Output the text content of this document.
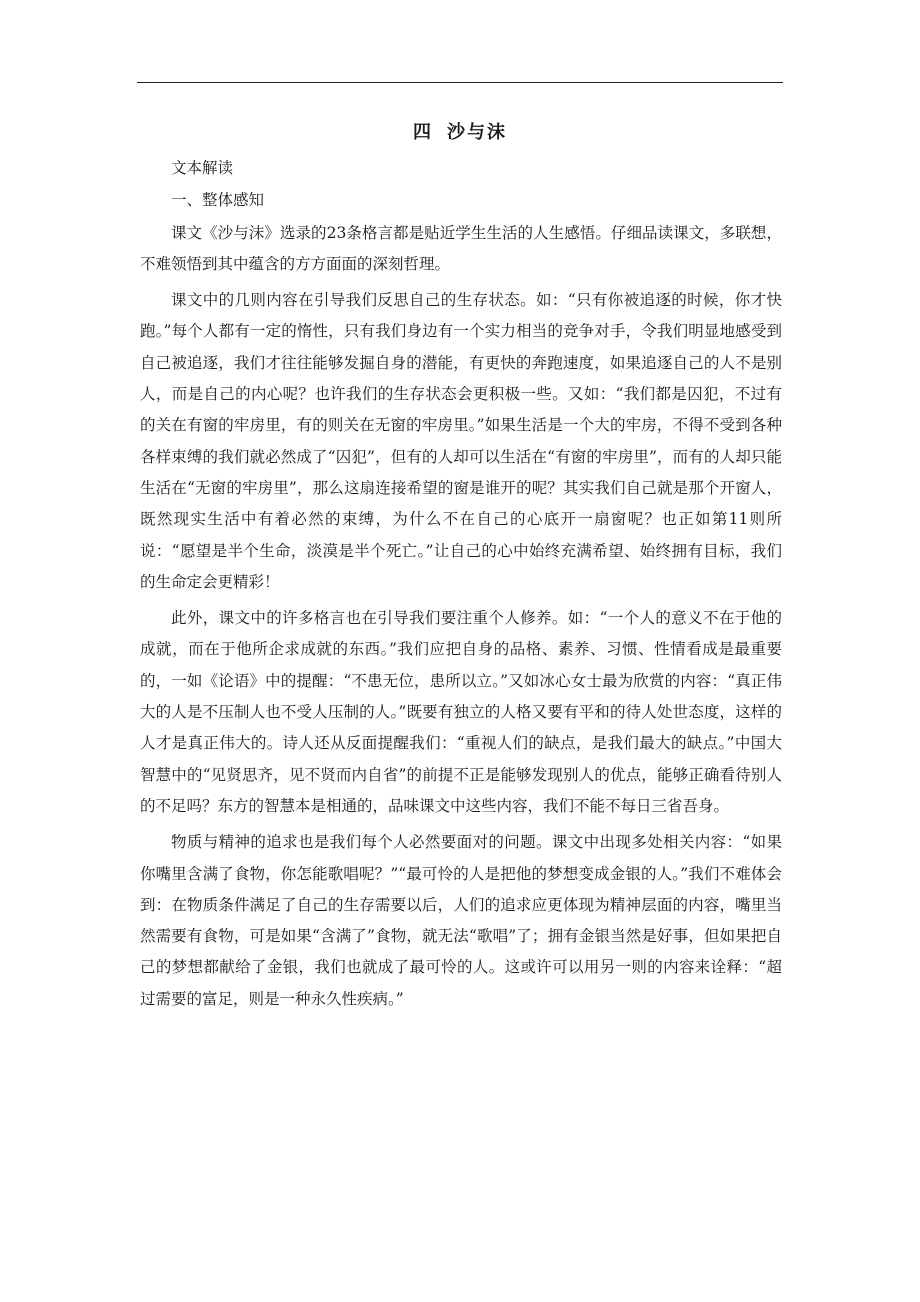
四 沙与沫

文本解读

一、整体感知

课文《沙与沫》选录的23条格言都是贴近学生生活的人生感悟。仔细品读课文，多联想，不难领悟到其中蕴含的方方面面的深刻哲理。

课文中的几则内容在引导我们反思自己的生存状态。如：“只有你被追逐的时候，你才快跑。”每个人都有一定的惰性，只有我们身边有一个实力相当的竞争对手，令我们明显地感受到自己被追逐，我们才往往能够发掘自身的潜能，有更快的奔跑速度，如果追逐自己的人不是别人，而是自己的内心呢？也许我们的生存状态会更积极一些。又如：“我们都是囚犯，不过有的关在有窗的牢房里，有的则关在无窗的牢房里。”如果生活是一个大的牢房，不得不受到各种各样束缚的我们就必然成了“囚犯”，但有的人却可以生活在“有窗的牢房里”，而有的人却只能生活在“无窗的牢房里”，那么这扇连接希望的窗是谁开的呢？其实我们自己就是那个开窗人，既然现实生活中有着必然的束缚，为什么不在自己的心底开一扇窗呢？也正如第11则所说：“愿望是半个生命，淡漠是半个死亡。”让自己的心中始终充满希望、始终拥有目标，我们的生命定会更精彩！

此外，课文中的许多格言也在引导我们要注重个人修养。如：“一个人的意义不在于他的成就，而在于他所企求成就的东西。”我们应把自身的品格、素养、习惯、性情看成是最重要的，一如《论语》中的提醒：“不患无位，患所以立。”又如冰心女士最为欣赏的内容：“真正伟大的人是不压制人也不受人压制的人。”既要有独立的人格又要有平和的待人处世态度，这样的人才是真正伟大的。诗人还从反面提醒我们：“重视人们的缺点，是我们最大的缺点。”中国大智慧中的“见贤思齐，见不贤而内自省”的前提不正是能够发现别人的优点，能够正确看待别人的不足吗？东方的智慧本是相通的，品味课文中这些内容，我们不能不每日三省吾身。

物质与精神的追求也是我们每个人必然要面对的问题。课文中出现多处相关内容：“如果你嘴里含满了食物，你怎能歌唱呢？”“最可怜的人是把他的梦想变成金银的人。”我们不难体会到：在物质条件满足了自己的生存需要以后，人们的追求应更体现为精神层面的内容，嘴里当然需要有食物，可是如果“含满了”食物，就无法“歌唱”了；拥有金银当然是好事，但如果把自己的梦想都献给了金银，我们也就成了最可怜的人。这或许可以用另一则的内容来诠释：“超过需要的富足，则是一种永久性疾病。”
